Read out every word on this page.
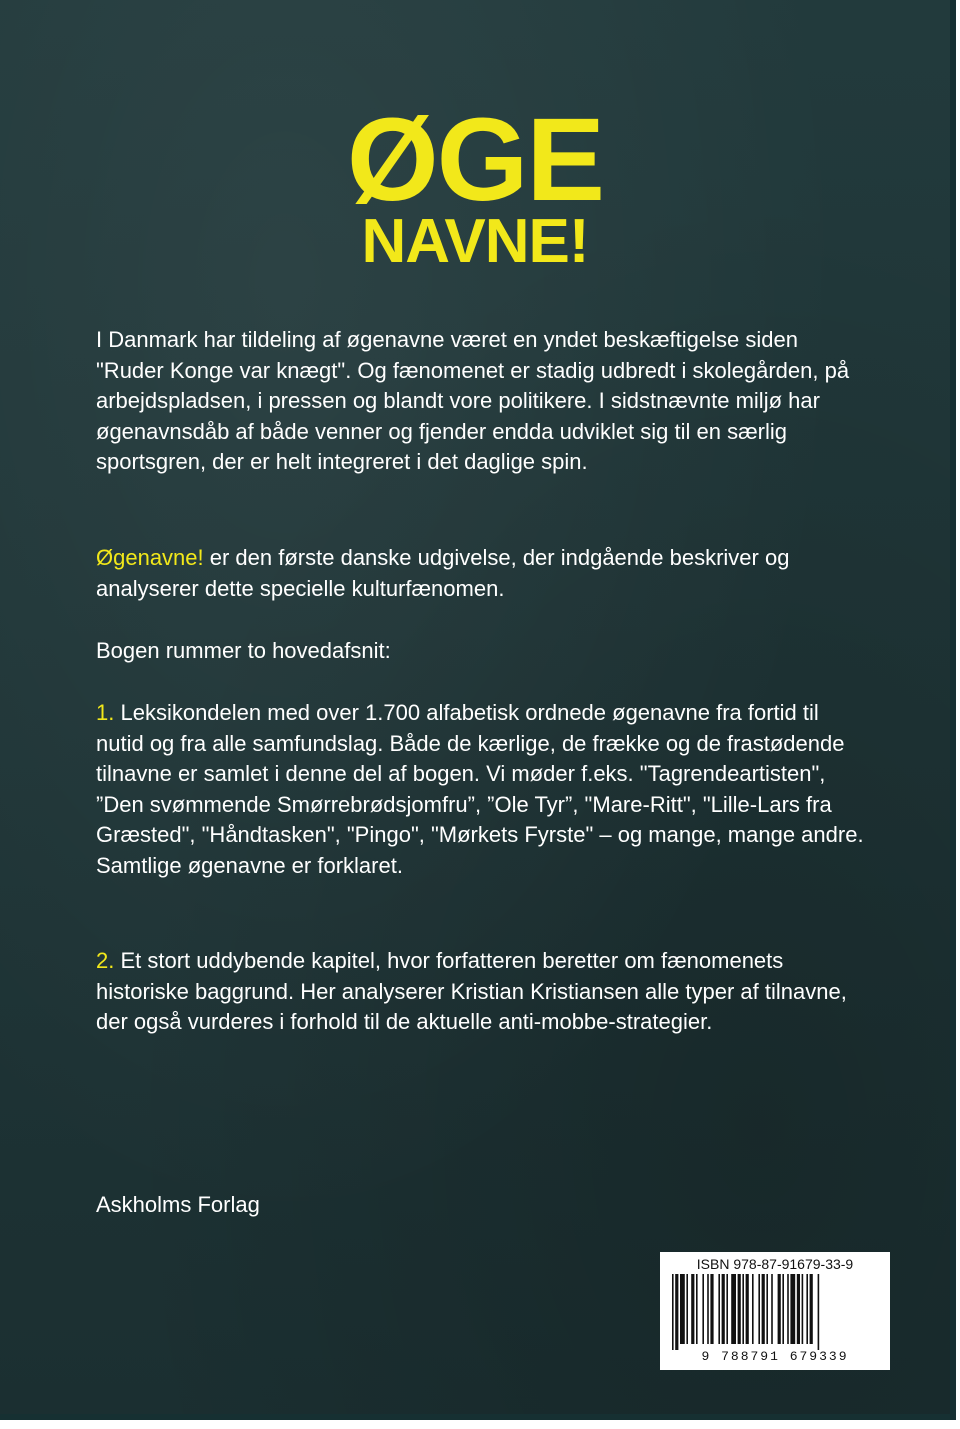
ØGE
NAVNE!
I Danmark har tildeling af øgenavne været en yndet beskæftigelse siden "Ruder Konge var knægt". Og fænomenet er stadig udbredt i skolegården, på arbejdspladsen, i pressen og blandt vore politikere. I sidstnævnte miljø har øgenavnsdåb af både venner og fjender endda udviklet sig til en særlig sportsgren, der er helt integreret i det daglige spin.
Øgenavne! er den første danske udgivelse, der indgående beskriver og analyserer dette specielle kulturfænomen.
Bogen rummer to hovedafsnit:
1. Leksikondelen med over 1.700 alfabetisk ordnede øgenavne fra fortid til nutid og fra alle samfundslag. Både de kærlige, de frække og de frastødende tilnavne er samlet i denne del af bogen. Vi møder f.eks. "Tagrendeartisten", ”Den svømmende Smørrebrødsjomfru”, ”Ole Tyr”, "Mare-Ritt", "Lille-Lars fra Græsted", "Håndtasken", "Pingo", "Mørkets Fyrste" – og mange, mange andre. Samtlige øgenavne er forklaret.
2. Et stort uddybende kapitel, hvor forfatteren beretter om fænomenets historiske baggrund. Her analyserer Kristian Kristiansen alle typer af tilnavne, der også vurderes i forhold til de aktuelle anti-mobbe-strategier.
Askholms Forlag
ISBN 978-87-91679-33-9
9 788791 679339
